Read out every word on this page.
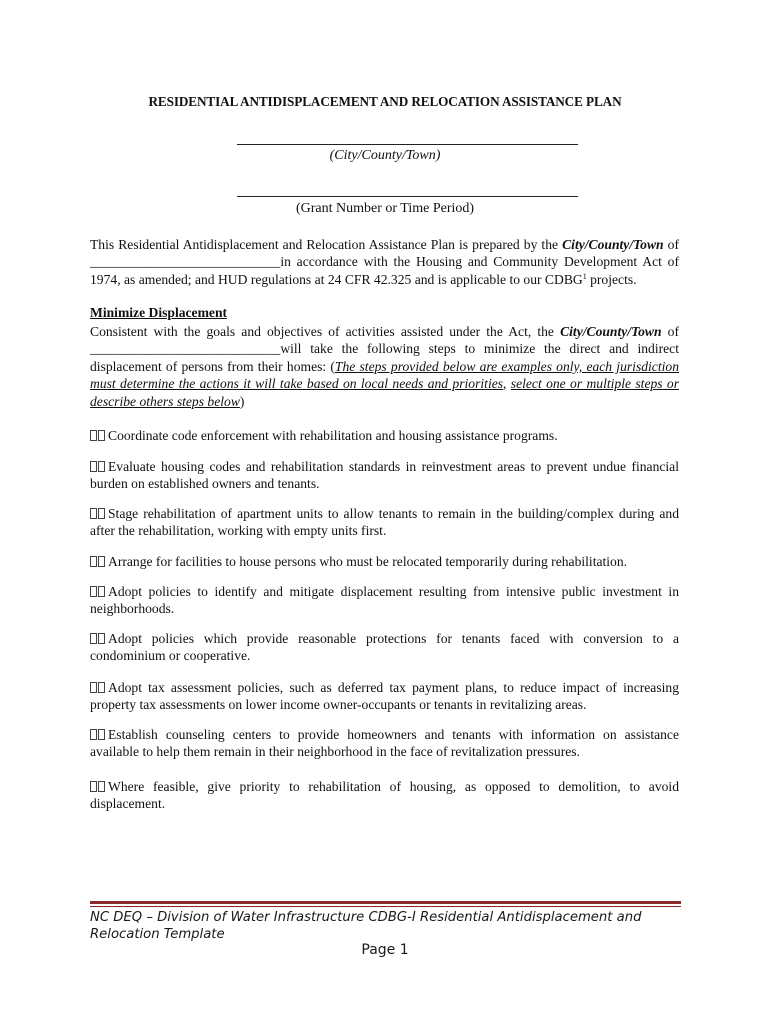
RESIDENTIAL ANTIDISPLACEMENT AND RELOCATION ASSISTANCE PLAN
(City/County/Town)
(Grant Number or Time Period)
This Residential Antidisplacement and Relocation Assistance Plan is prepared by the City/County/Town of ____________________________in accordance with the Housing and Community Development Act of 1974, as amended; and HUD regulations at 24 CFR 42.325 and is applicable to our CDBG$^1$ projects.
Minimize Displacement
Consistent with the goals and objectives of activities assisted under the Act, the City/County/Town of ____________________________will take the following steps to minimize the direct and indirect displacement of persons from their homes: (The steps provided below are examples only, each jurisdiction must determine the actions it will take based on local needs and priorities, select one or multiple steps or describe others steps below)
Coordinate code enforcement with rehabilitation and housing assistance programs.
Evaluate housing codes and rehabilitation standards in reinvestment areas to prevent undue financial burden on established owners and tenants.
Stage rehabilitation of apartment units to allow tenants to remain in the building/complex during and after the rehabilitation, working with empty units first.
Arrange for facilities to house persons who must be relocated temporarily during rehabilitation.
Adopt policies to identify and mitigate displacement resulting from intensive public investment in neighborhoods.
Adopt policies which provide reasonable protections for tenants faced with conversion to a condominium or cooperative.
Adopt tax assessment policies, such as deferred tax payment plans, to reduce impact of increasing property tax assessments on lower income owner-occupants or tenants in revitalizing areas.
Establish counseling centers to provide homeowners and tenants with information on assistance available to help them remain in their neighborhood in the face of revitalization pressures.
Where feasible, give priority to rehabilitation of housing, as opposed to demolition, to avoid displacement.
NC DEQ – Division of Water Infrastructure CDBG-I Residential Antidisplacement and Relocation Template
Page 1
